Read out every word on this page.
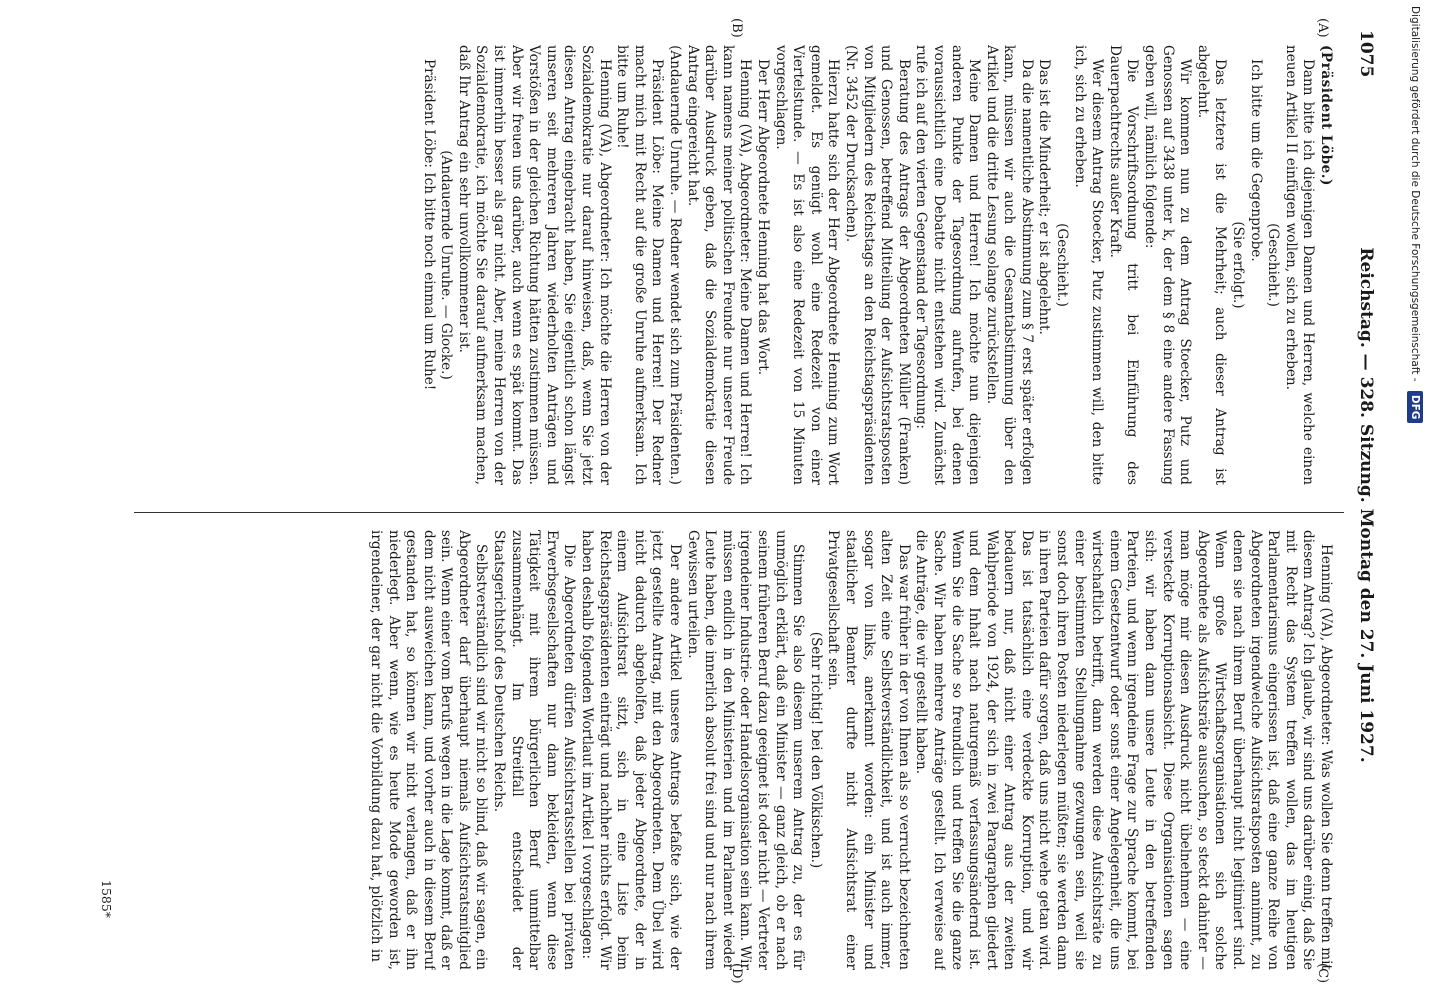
1075
Reichstag. — 328. Sitzung. Montag den 27. Juni 1927.
(A)
(B)
(C)
(D)

(Präsident Löbe.)

Dann bitte ich diejenigen Damen und Herren, welche einen neuen Artikel II einfügen wollen, sich zu erheben.

(Geschieht.)

Ich bitte um die Gegenprobe.

(Sie erfolgt.)

Das letztere ist die Mehrheit; auch dieser Antrag ist abgelehnt.

Wir kommen nun zu dem Antrag Stoecker, Putz und Genossen auf 3438 unter k, der dem § 8 eine andere Fassung geben will, nämlich folgende:

Die Vorschriftsordnung tritt bei Einführung des Dauerpachtrechts außer Kraft.

Wer diesem Antrag Stoecker, Putz zustimmen will, den bitte ich, sich zu erheben.

(Geschieht.)

Das ist die Minderheit; er ist abgelehnt.

Da die namentliche Abstimmung zum § 7 erst später erfolgen kann, müssen wir auch die Gesamtabstimmung über den Artikel und die dritte Lesung solange zurückstellen.

Meine Damen und Herren! Ich möchte nun diejenigen anderen Punkte der Tagesordnung aufrufen, bei denen voraussichtlich eine Debatte nicht entstehen wird. Zunächst rufe ich auf den vierten Gegenstand der Tagesordnung:

Beratung des Antrags der Abgeordneten Müller (Franken) und Genossen, betreffend Mitteilung der Aufsichtsratsposten von Mitgliedern des Reichstags an den Reichstagspräsidenten (Nr. 3452 der Drucksachen).

Hierzu hatte sich der Herr Abgeordnete Henning zum Wort gemeldet. Es genügt wohl eine Redezeit von einer Viertelstunde. — Es ist also eine Redezeit von 15 Minuten vorgeschlagen.

Der Herr Abgeordnete Henning hat das Wort.

Henning (VA), Abgeordneter: Meine Damen und Herren! Ich kann namens meiner politischen Freunde nur unserer Freude darüber Ausdruck geben, daß die Sozialdemokratie diesen Antrag eingereicht hat.

(Andauernde Unruhe. — Redner wendet sich zum Präsidenten.)

Präsident Löbe: Meine Damen und Herren! Der Redner macht mich mit Recht auf die große Unruhe aufmerksam. Ich bitte um Ruhe!

Henning (VA), Abgeordneter: Ich möchte die Herren von der Sozialdemokratie nur darauf hinweisen, daß, wenn Sie jetzt diesen Antrag eingebracht haben, Sie eigentlich schon längst unseren seit mehreren Jahren wiederholten Anträgen und Vorstößen in der gleichen Richtung hätten zustimmen müssen. Aber wir freuen uns darüber, auch wenn es spät kommt. Das ist immerhin besser als gar nicht. Aber, meine Herren von der Sozialdemokratie, ich möchte Sie darauf aufmerksam machen, daß Ihr Antrag ein sehr unvollkommener ist.

(Andauernde Unruhe. — Glocke.)

Präsident Löbe: Ich bitte noch einmal um Ruhe!

Henning (VA), Abgeordneter: Was wollen Sie denn treffen mit diesem Antrag? Ich glaube, wir sind uns darüber einig, daß Sie mit Recht das System treffen wollen, das im heutigen Parlamentarismus eingerissen ist, daß eine ganze Reihe von Abgeordneten irgendwelche Aufsichtsratsposten annimmt, zu denen sie nach ihrem Beruf überhaupt nicht legitimiert sind. Wenn große Wirtschaftsorganisationen sich solche Abgeordnete als Aufsichtsräte aussuchen, so steckt dahinter — man möge mir diesen Ausdruck nicht übelnehmen — eine versteckte Korruptionsabsicht. Diese Organisationen sagen sich: wir haben dann unsere Leute in den betreffenden Parteien, und wenn irgendeine Frage zur Sprache kommt, bei einem Gesetzentwurf oder sonst einer Angelegenheit, die uns wirtschaftlich betrifft, dann werden diese Aufsichtsräte zu einer bestimmten Stellungnahme gezwungen sein, weil sie sonst doch ihren Posten niederlegen müßten; sie werden dann in ihren Parteien dafür sorgen, daß uns nicht wehe getan wird. Das ist tatsächlich eine verdeckte Korruption, und wir bedauern nur, daß nicht einer Antrag aus der zweiten Wahlperiode von 1924, der sich in zwei Paragraphen gliedert und dem Inhalt nach naturgemäß verfassungsändernd ist. Wenn Sie die Sache so freundlich und treffen Sie die ganze Sache. Wir haben mehrere Anträge gestellt. Ich verweise auf die Anträge, die wir gestellt haben.

Das war früher in der von Ihnen als so verrucht bezeichneten alten Zeit eine Selbstverständlichkeit, und ist auch immer, sogar von links, anerkannt worden: ein Minister und staatlicher Beamter durfte nicht Aufsichtsrat einer Privatgesellschaft sein.

(Sehr richtig! bei den Völkischen.)

Stimmen Sie also diesem unserem Antrag zu, der es für unmöglich erklärt, daß ein Minister — ganz gleich, ob er nach seinem früheren Beruf dazu geeignet ist oder nicht — Vertreter irgendeiner Industrie- oder Handelsorganisation sein kann. Wir müssen endlich in den Ministerien und im Parlament wieder Leute haben, die innerlich absolut frei sind und nur nach ihrem Gewissen urteilen.

Der andere Artikel unseres Antrags befaßte sich, wie der jetzt gestellte Antrag, mit den Abgeordneten. Dem Übel wird nicht dadurch abgeholfen, daß jeder Abgeordnete, der in einem Aufsichtsrat sitzt, sich in eine Liste beim Reichstagspräsidenten einträgt und nachher nichts erfolgt. Wir haben deshalb folgenden Wortlaut im Artikel I vorgeschlagen:

Die Abgeordneten dürfen Aufsichtsratsstellen bei privaten Erwerbsgesellschaften nur dann bekleiden, wenn diese Tätigkeit mit ihrem bürgerlichen Beruf unmittelbar zusammenhängt. Im Streitfall entscheidet der Staatsgerichtshof des Deutschen Reichs.

Selbstverständlich sind wir nicht so blind, daß wir sagen, ein Abgeordneter darf überhaupt niemals Aufsichtsratsmitglied sein. Wenn einer vom Berufs wegen in die Lage kommt, daß er dem nicht ausweichen kann, und vorher auch in diesem Beruf gestanden hat, so können wir nicht verlangen, daß er ihn niederlegt. Aber wenn, wie es heute Mode geworden ist, irgendeiner, der gar nicht die Vorbildung dazu hat, plötzlich in

1585*
Digitalisierung gefördert durch die Deutsche Forschungsgemeinschaft - DFG
